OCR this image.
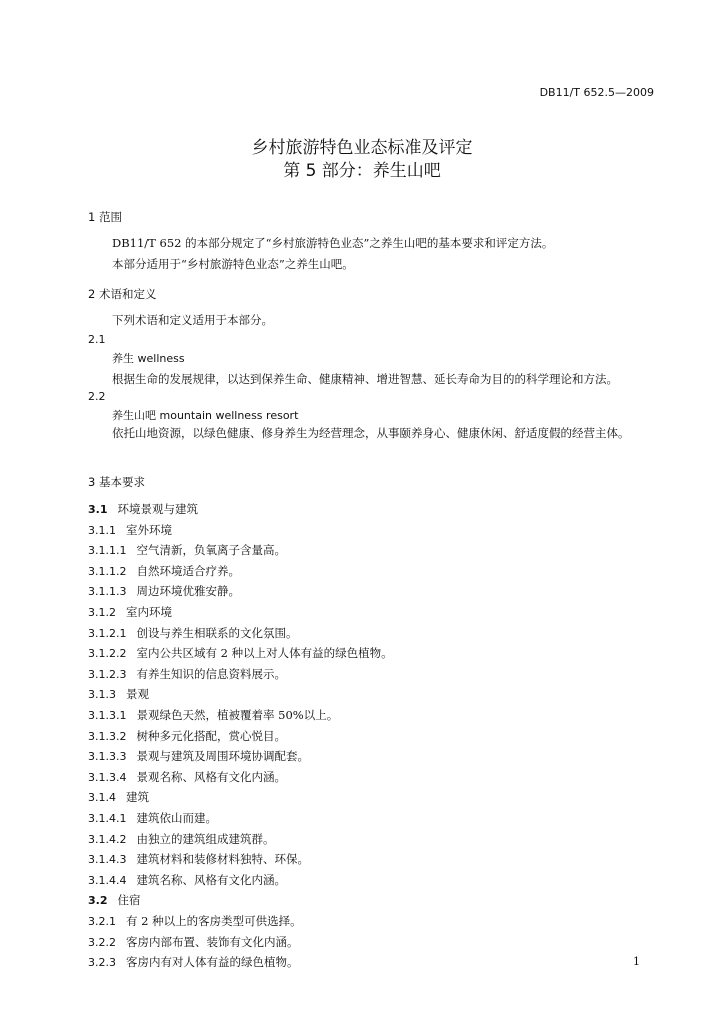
DB11/T 652.5—2009
乡村旅游特色业态标准及评定
第 5 部分：养生山吧
1 范围
DB11/T 652 的本部分规定了“乡村旅游特色业态”之养生山吧的基本要求和评定方法。
本部分适用于“乡村旅游特色业态”之养生山吧。
2 术语和定义
下列术语和定义适用于本部分。
2.1
养生 wellness
根据生命的发展规律，以达到保养生命、健康精神、增进智慧、延长寿命为目的的科学理论和方法。
2.2
养生山吧 mountain wellness resort
依托山地资源，以绿色健康、修身养生为经营理念，从事颐养身心、健康休闲、舒适度假的经营主体。
3 基本要求
3.1 环境景观与建筑
3.1.1 室外环境
3.1.1.1 空气清新，负氧离子含量高。
3.1.1.2 自然环境适合疗养。
3.1.1.3 周边环境优雅安静。
3.1.2 室内环境
3.1.2.1 创设与养生相联系的文化氛围。
3.1.2.2 室内公共区域有 2 种以上对人体有益的绿色植物。
3.1.2.3 有养生知识的信息资料展示。
3.1.3 景观
3.1.3.1 景观绿色天然，植被覆着率 50%以上。
3.1.3.2 树种多元化搭配，赏心悦目。
3.1.3.3 景观与建筑及周围环境协调配套。
3.1.3.4 景观名称、风格有文化内涵。
3.1.4 建筑
3.1.4.1 建筑依山而建。
3.1.4.2 由独立的建筑组成建筑群。
3.1.4.3 建筑材料和装修材料独特、环保。
3.1.4.4 建筑名称、风格有文化内涵。
3.2 住宿
3.2.1 有 2 种以上的客房类型可供选择。
3.2.2 客房内部布置、装饰有文化内涵。
3.2.3 客房内有对人体有益的绿色植物。	1
